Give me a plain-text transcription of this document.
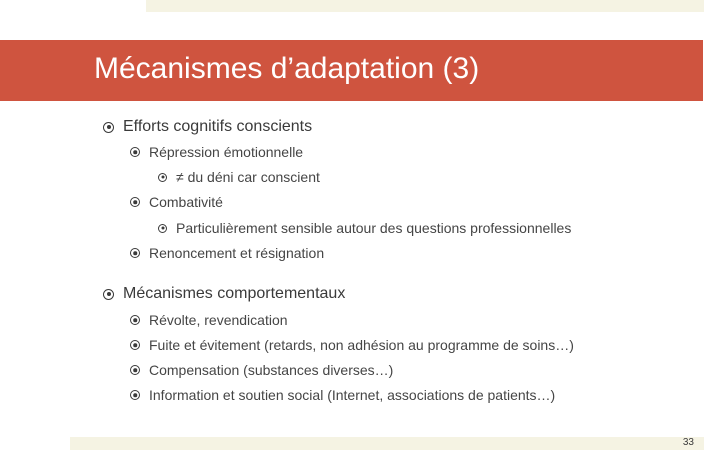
Mécanismes d’adaptation (3)
Efforts cognitifs conscients
Répression émotionnelle
≠ du déni car conscient
Combativité
Particulièrement sensible autour des questions professionnelles
Renoncement et résignation
Mécanismes comportementaux
Révolte, revendication
Fuite et évitement (retards, non adhésion au programme de soins…)
Compensation (substances diverses…)
Information et soutien social (Internet, associations de patients…)
33
